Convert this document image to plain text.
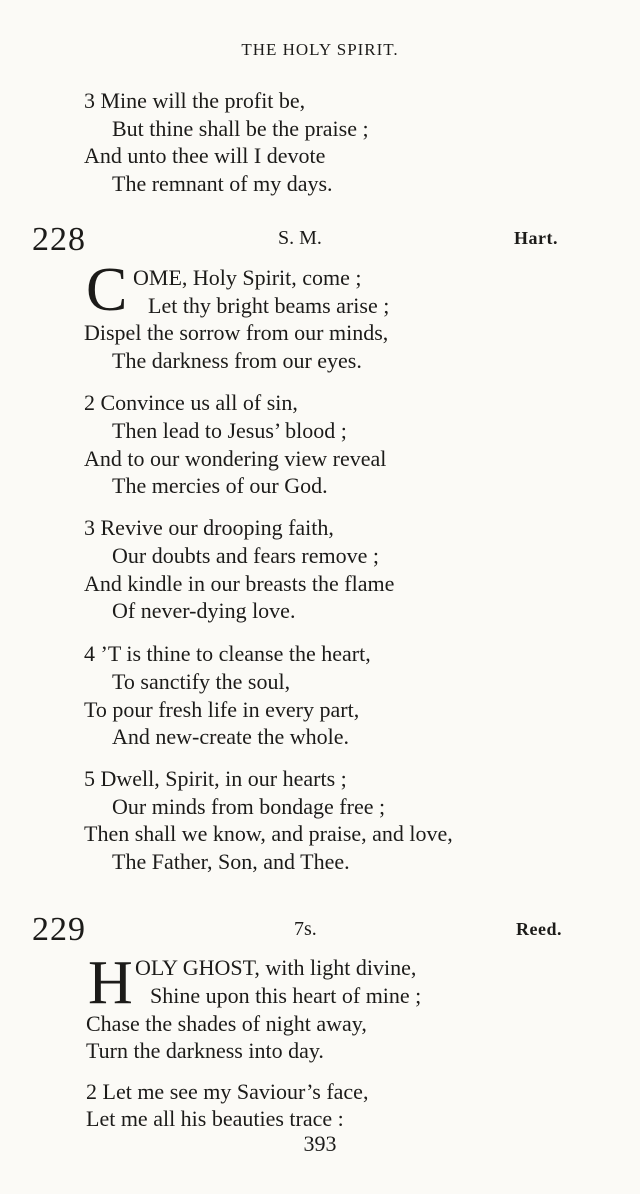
THE HOLY SPIRIT.
3 Mine will the profit be,
But thine shall be the praise ;
And unto thee will I devote
The remnant of my days.
228	S. M.	Hart.
C OME, Holy Spirit, come ;
Let thy bright beams arise ;
Dispel the sorrow from our minds,
The darkness from our eyes.
2 Convince us all of sin,
Then lead to Jesus’ blood ;
And to our wondering view reveal
The mercies of our God.
3 Revive our drooping faith,
Our doubts and fears remove ;
And kindle in our breasts the flame
Of never-dying love.
4 ’T is thine to cleanse the heart,
To sanctify the soul,
To pour fresh life in every part,
And new-create the whole.
5 Dwell, Spirit, in our hearts ;
Our minds from bondage free ;
Then shall we know, and praise, and love,
The Father, Son, and Thee.
229	7s.	Reed.
H OLY GHOST, with light divine,
Shine upon this heart of mine ;
Chase the shades of night away,
Turn the darkness into day.
2 Let me see my Saviour’s face,
Let me all his beauties trace :
393
